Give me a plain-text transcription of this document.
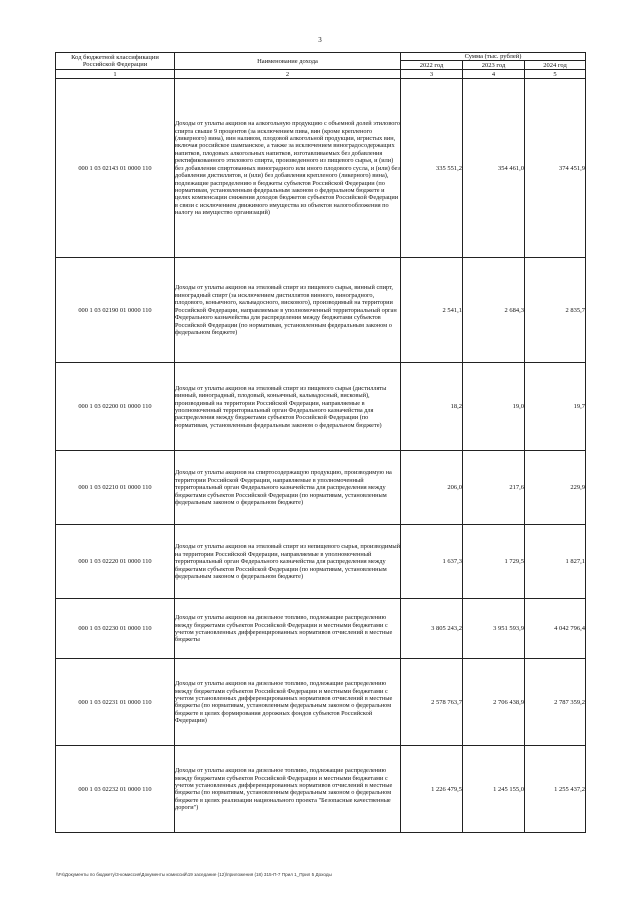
3
Код бюджетной классификации Российской Федерации	Наименование дохода	Сумма (тыс. рублей)		
		2022 год	2023 год	2024 год
1	2	3	4	5
000 1 03 02143 01 0000 110	Доходы от уплаты акцизов на алкогольную продукцию с объемной долей этилового спирта свыше 9 процентов (за исключением пива, вин (кроме крепленого (ликерного) вина), вин наливом, плодовой алкогольной продукции, игристых вин, включая российское шампанское, а также за исключением виноградосодержащих напитков, плодовых алкогольных напитков, изготавливаемых без добавления ректификованного этилового спирта, произведенного из пищевого сырья, и (или) без добавления спиртованных виноградного или иного плодового сусла, и (или) без добавления дистиллятов, и (или) без добавления крепленого (ликерного) вина), подлежащие распределению в бюджеты субъектов Российской Федерации (по нормативам, установленным федеральным законом о федеральном бюджете и целях компенсации снижения доходов бюджетов субъектов Российской Федерации в связи с исключением движимого имущества из объектов налогообложения по налогу на имущество организаций)	335 551,2	354 461,0	374 451,9
000 1 03 02190 01 0000 110	Доходы от уплаты акцизов на этиловый спирт из пищевого сырья, винный спирт, виноградный спирт (за исключением дистиллятов винного, виноградного, плодового, коньячного, кальвадосного, вискового), производимый на территории Российской Федерации, направляемые в уполномоченный территориальный орган Федерального казначейства для распределения между бюджетами субъектов Российской Федерации (по нормативам, установленным федеральным законом о федеральном бюджете)	2 541,1	2 684,3	2 835,7
000 1 03 02200 01 0000 110	Доходы от уплаты акцизов на этиловый спирт из пищевого сырья (дистилляты винный, виноградный, плодовый, коньячный, кальвадосный, висковый), производимый на территории Российской Федерации, направляемые в уполномоченный территориальный орган Федерального казначейства для распределения между бюджетами субъектов Российской Федерации (по нормативам, установленным федеральным законом о федеральном бюджете)	18,2	19,0	19,7
000 1 03 02210 01 0000 110	Доходы от уплаты акцизов на спиртосодержащую продукцию, производимую на территории Российской Федерации, направляемые в уполномоченный территориальный орган Федерального казначейства для распределения между бюджетами субъектов Российской Федерации (по нормативам, установленным федеральным законом о федеральном бюджете)	206,0	217,6	229,9
000 1 03 02220 01 0000 110	Доходы от уплаты акцизов на этиловый спирт из непищевого сырья, производимый на территории Российской Федерации, направляемые в уполномоченный территориальный орган Федерального казначейства для распределения между бюджетами субъектов Российской Федерации (по нормативам, установленным федеральным законом о федеральном бюджете)	1 637,3	1 729,5	1 827,1
000 1 03 02230 01 0000 110	Доходы от уплаты акцизов на дизельное топливо, подлежащие распределению между бюджетами субъектов Российской Федерации и местными бюджетами с учетом установленных дифференцированных нормативов отчислений в местные бюджеты	3 805 243,2	3 951 593,9	4 042 796,4
000 1 03 02231 01 0000 110	Доходы от уплаты акцизов на дизельное топливо, подлежащие распределению между бюджетами субъектов Российской Федерации и местными бюджетами с учетом установленных дифференцированных нормативов отчислений в местные бюджеты (по нормативам, установленным федеральным законом о федеральном бюджете в целях формирования дорожных фондов субъектов Российской Федерации)	2 578 763,7	2 706 438,9	2 787 359,2
000 1 03 02232 01 0000 110	Доходы от уплаты акцизов на дизельное топливо, подлежащие распределению между бюджетами субъектов Российской Федерации и местными бюджетами с учетом установленных дифференцированных нормативов отчислений в местные бюджеты (по нормативам, установленным федеральным законом о федеральном бюджете в целях реализации национального проекта "Безопасные качественные дороги")	1 226 479,5	1 245 155,0	1 255 437,2
\\Fs\Документы по бюджету\3-комиссия\Документы комиссий\19 заседание (12)\приложения (18) 315-П-7 Прил 1_Прил 5 Доходы
